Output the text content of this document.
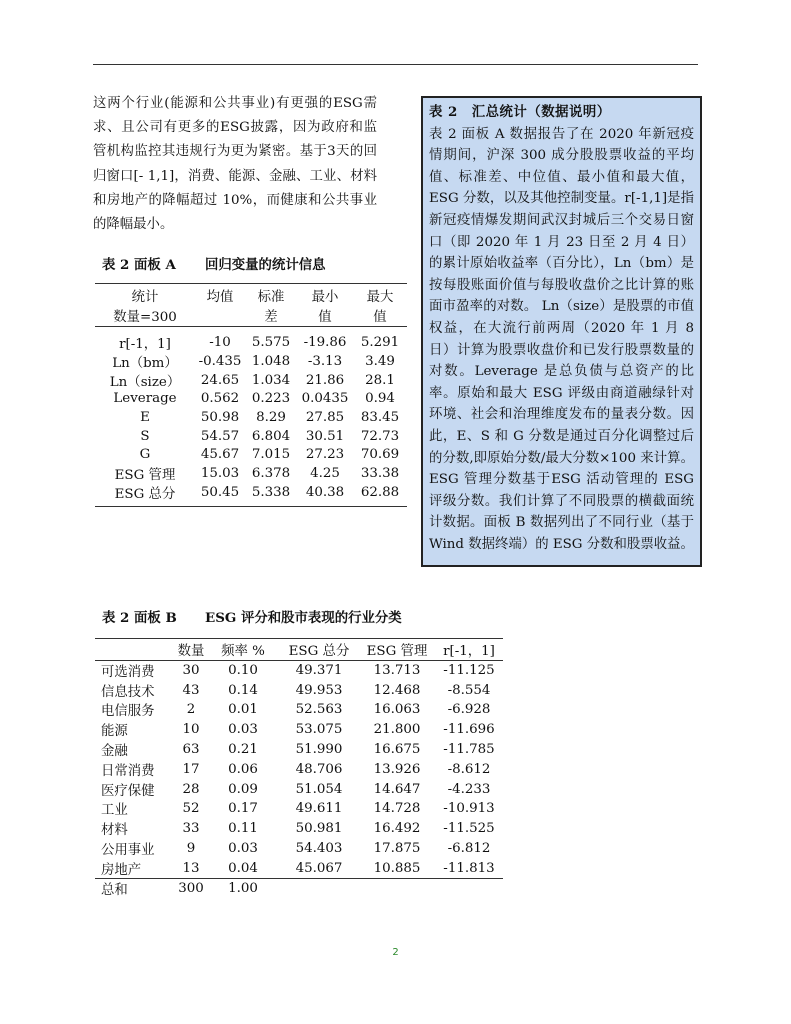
这两个行业(能源和公共事业)有更强的ESG需求、且公司有更多的ESG披露，因为政府和监管机构监控其违规行为更为紧密。基于3天的回归窗口[- 1,1]，消费、能源、金融、工业、材料和房地产的降幅超过 10%，而健康和公共事业的降幅最小。

表 2　汇总统计（数据说明）

表 2 面板 A 数据报告了在 2020 年新冠疫情期间，沪深 300 成分股股票收益的平均值、标准差、中位值、最小值和最大值，ESG 分数，以及其他控制变量。r[-1,1]是指新冠疫情爆发期间武汉封城后三个交易日窗口（即 2020 年 1 月 23 日至 2 月 4 日）的累计原始收益率（百分比），Ln（bm）是按每股账面价值与每股收盘价之比计算的账面市盈率的对数。 Ln（size）是股票的市值权益，在大流行前两周（2020 年 1 月 8 日）计算为股票收盘价和已发行股票数量的对数。Leverage 是总负债与总资产的比率。原始和最大 ESG 评级由商道融绿针对环境、社会和治理维度发布的量表分数。因此，E、S 和 G 分数是通过百分化调整过后的分数,即原始分数/最大分数×100 来计算。ESG 管理分数基于ESG 活动管理的 ESG 评级分数。我们计算了不同股票的横截面统计数据。面板 B 数据列出了不同行业（基于 Wind 数据终端）的 ESG 分数和股票收益。

表 2 面板 A 回归变量的统计信息

统计	均值	标准	最小	最大
数量=300		差	值	值
r[-1，1]	-10	5.575	-19.86	5.291
Ln（bm）	-0.435	1.048	-3.13	3.49
Ln（size）	24.65	1.034	21.86	28.1
Leverage	0.562	0.223	0.0435	0.94
E	50.98	8.29	27.85	83.45
S	54.57	6.804	30.51	72.73
G	45.67	7.015	27.23	70.69
ESG 管理	15.03	6.378	4.25	33.38
ESG 总分	50.45	5.338	40.38	62.88

表 2 面板 B ESG 评分和股市表现的行业分类

	数量	频率 %	ESG 总分	ESG 管理	r[-1，1]
可选消费	30	0.10	49.371	13.713	-11.125
信息技术	43	0.14	49.953	12.468	-8.554
电信服务	2	0.01	52.563	16.063	-6.928
能源	10	0.03	53.075	21.800	-11.696
金融	63	0.21	51.990	16.675	-11.785
日常消费	17	0.06	48.706	13.926	-8.612
医疗保健	28	0.09	51.054	14.647	-4.233
工业	52	0.17	49.611	14.728	-10.913
材料	33	0.11	50.981	16.492	-11.525
公用事业	9	0.03	54.403	17.875	-6.812
房地产	13	0.04	45.067	10.885	-11.813
总和	300	1.00			
2
